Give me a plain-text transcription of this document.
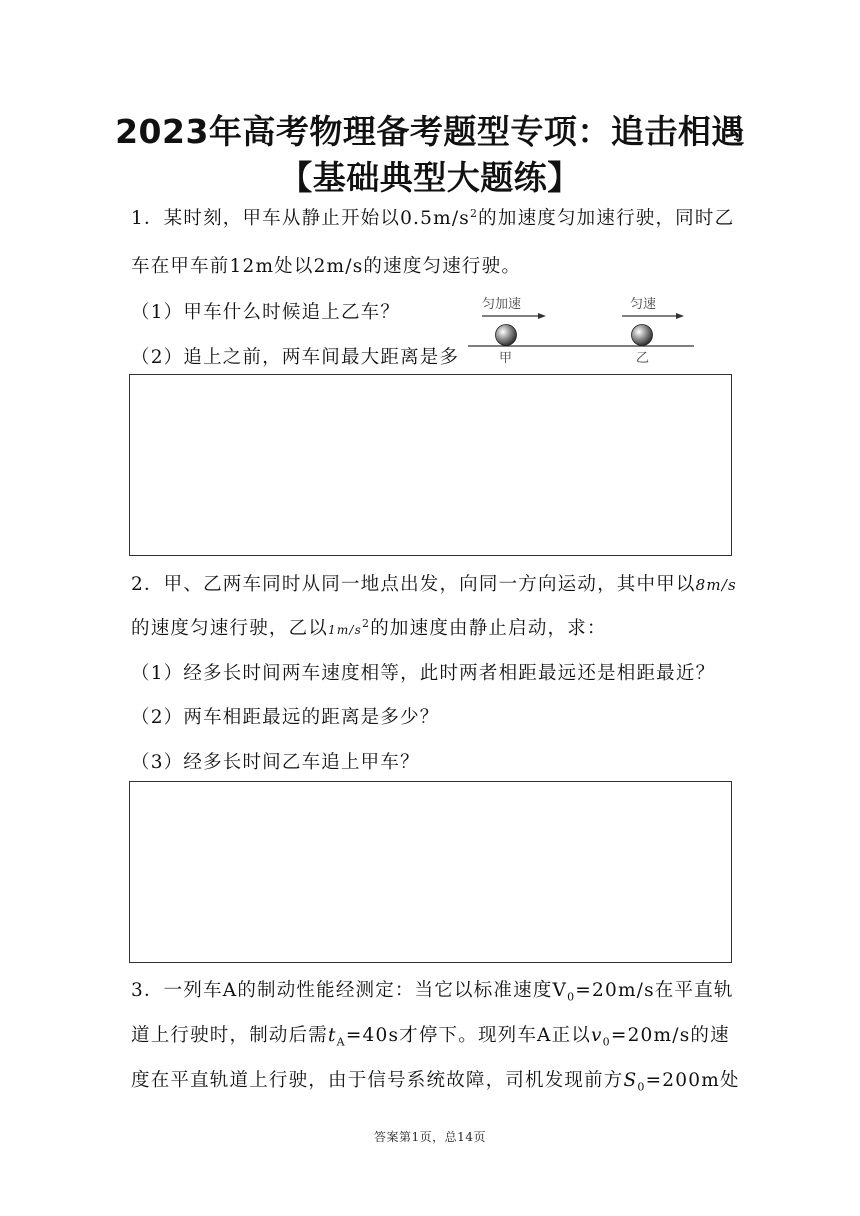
2023年高考物理备考题型专项：追击相遇
【基础典型大题练】
1．某时刻，甲车从静止开始以$0.5m/s^2$的加速度匀加速行驶，同时乙
车在甲车前12m处以2m/s的速度匀速行驶。
（1）甲车什么时候追上乙车？
（2）追上之前，两车间最大距离是多
匀加速	匀速
甲	乙
2．甲、乙两车同时从同一地点出发，向同一方向运动，其中甲以8m/s
的速度匀速行驶，乙以$1m/s^2$的加速度由静止启动，求：
（1）经多长时间两车速度相等，此时两者相距最远还是相距最近？
（2）两车相距最远的距离是多少？
（3）经多长时间乙车追上甲车？
3．一列车A的制动性能经测定：当它以标准速度$V_0=20m/s$在平直轨
道上行驶时，制动后需$t_A=40s$才停下。现列车A正以$v_0=20m/s$的速
度在平直轨道上行驶，由于信号系统故障，司机发现前方$S_0=200m$处
答案第1页，总14页
